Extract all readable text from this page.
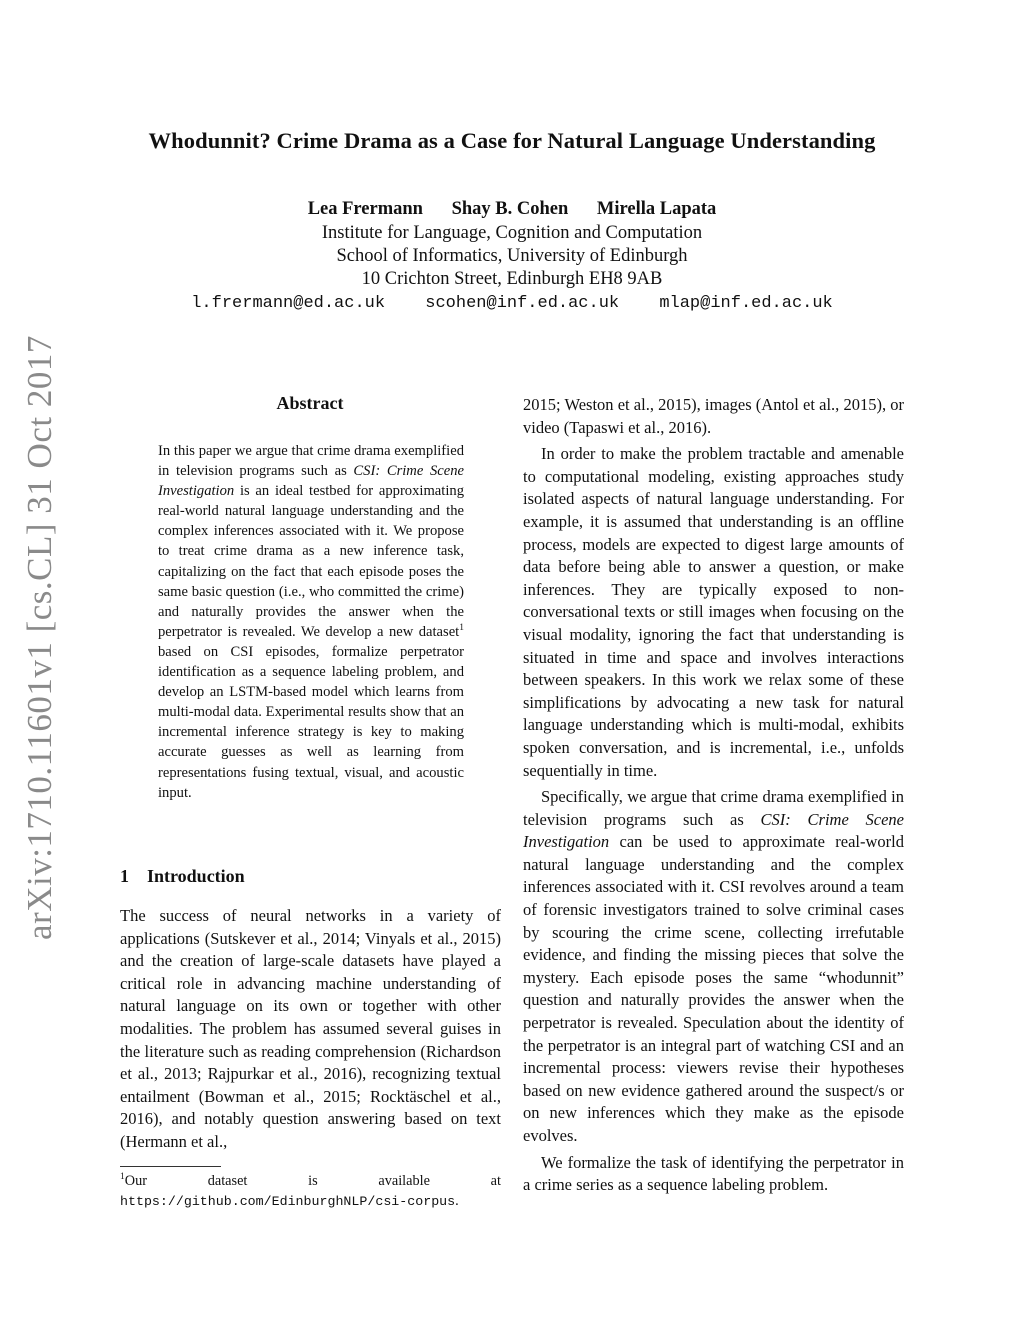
Whodunnit? Crime Drama as a Case for Natural Language Understanding
Lea Frermann Shay B. Cohen Mirella Lapata
Institute for Language, Cognition and Computation
School of Informatics, University of Edinburgh
10 Crichton Street, Edinburgh EH8 9AB
l.frermann@ed.ac.uk scohen@inf.ed.ac.uk mlap@inf.ed.ac.uk
arXiv:1710.11601v1 [cs.CL] 31 Oct 2017	Abstract

In this paper we argue that crime drama exemplified in television programs such as CSI: Crime Scene Investigation is an ideal testbed for approximating real-world natural language understanding and the complex inferences associated with it. We propose to treat crime drama as a new inference task, capitalizing on the fact that each episode poses the same basic question (i.e., who committed the crime) and naturally provides the answer when the perpetrator is revealed. We develop a new dataset$^1$ based on CSI episodes, formalize perpetrator identification as a sequence labeling problem, and develop an LSTM-based model which learns from multi-modal data. Experimental results show that an incremental inference strategy is key to making accurate guesses as well as learning from representations fusing textual, visual, and acoustic input.

1 Introduction

The success of neural networks in a variety of applications (Sutskever et al., 2014; Vinyals et al., 2015) and the creation of large-scale datasets have played a critical role in advancing machine understanding of natural language on its own or together with other modalities. The problem has assumed several guises in the literature such as reading comprehension (Richardson et al., 2013; Rajpurkar et al., 2016), recognizing textual entailment (Bowman et al., 2015; Rocktäschel et al., 2016), and notably question answering based on text (Hermann et al.,

$^1$Our dataset is available at https://github.com/EdinburghNLP/csi-corpus.

2015; Weston et al., 2015), images (Antol et al., 2015), or video (Tapaswi et al., 2016).

In order to make the problem tractable and amenable to computational modeling, existing approaches study isolated aspects of natural language understanding. For example, it is assumed that understanding is an offline process, models are expected to digest large amounts of data before being able to answer a question, or make inferences. They are typically exposed to non-conversational texts or still images when focusing on the visual modality, ignoring the fact that understanding is situated in time and space and involves interactions between speakers. In this work we relax some of these simplifications by advocating a new task for natural language understanding which is multi-modal, exhibits spoken conversation, and is incremental, i.e., unfolds sequentially in time.

Specifically, we argue that crime drama exemplified in television programs such as CSI: Crime Scene Investigation can be used to approximate real-world natural language understanding and the complex inferences associated with it. CSI revolves around a team of forensic investigators trained to solve criminal cases by scouring the crime scene, collecting irrefutable evidence, and finding the missing pieces that solve the mystery. Each episode poses the same “whodunnit” question and naturally provides the answer when the perpetrator is revealed. Speculation about the identity of the perpetrator is an integral part of watching CSI and an incremental process: viewers revise their hypotheses based on new evidence gathered around the suspect/s or on new inferences which they make as the episode evolves.

We formalize the task of identifying the perpetrator in a crime series as a sequence labeling problem.
